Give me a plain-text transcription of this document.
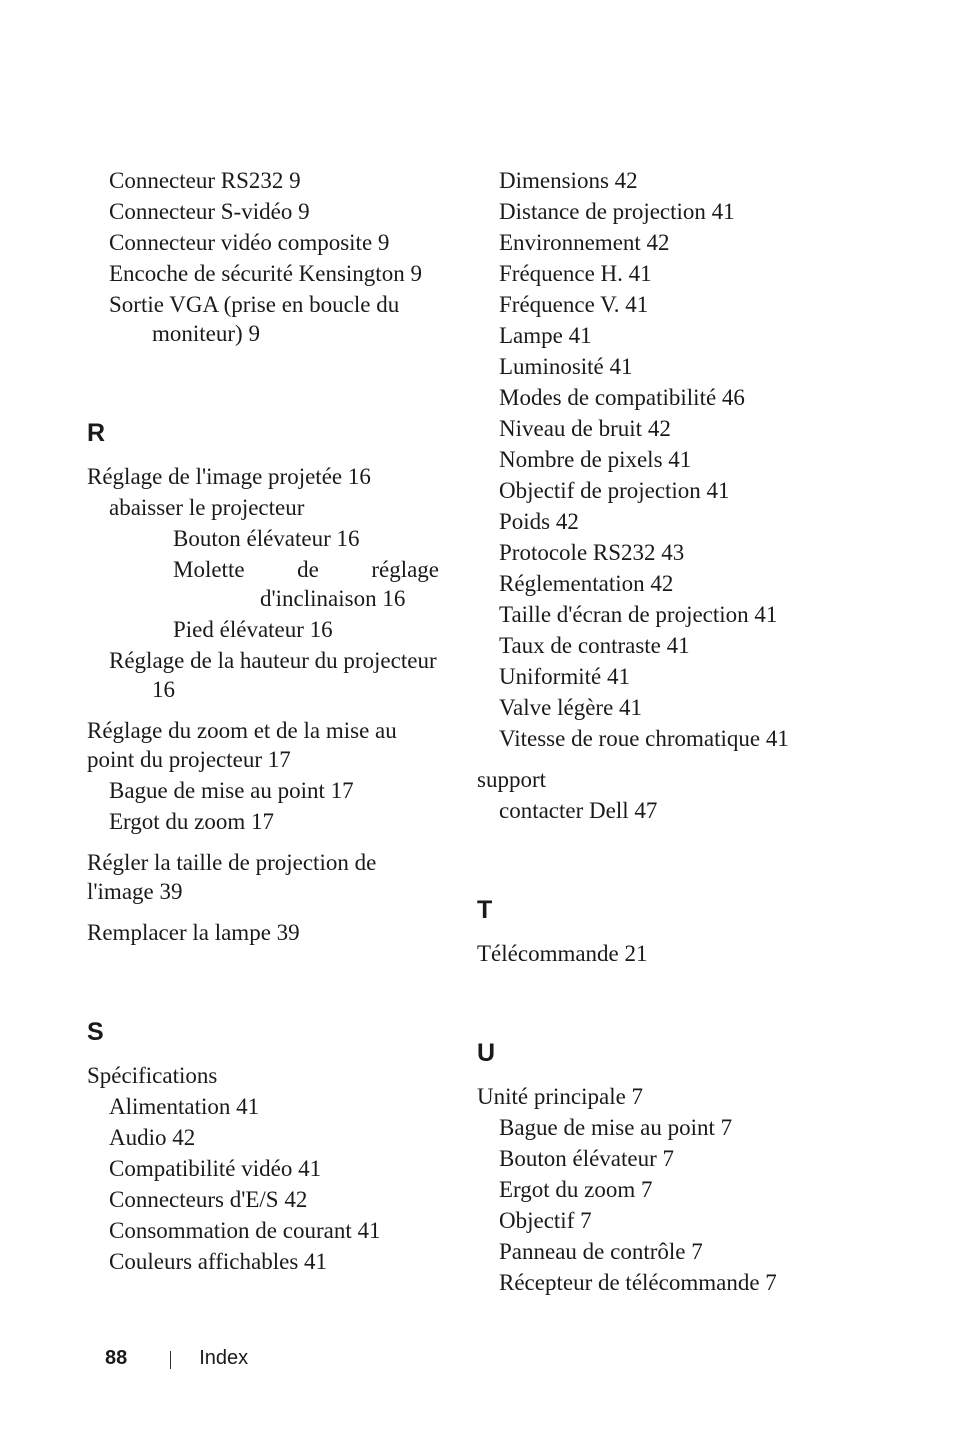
Connecteur RS232 9
Connecteur S-vidéo 9
Connecteur vidéo composite 9
Encoche de sécurité Kensington 9
Sortie VGA (prise en boucle du moniteur) 9
R
Réglage de l'image projetée 16
abaisser le projecteur
Bouton élévateur 16
Molette de réglage d'inclinaison 16
Pied élévateur 16
Réglage de la hauteur du projecteur 16
Réglage du zoom et de la mise au point du projecteur 17
Bague de mise au point 17
Ergot du zoom 17
Régler la taille de projection de l'image 39
Remplacer la lampe 39
S
Spécifications
Alimentation 41
Audio 42
Compatibilité vidéo 41
Connecteurs d'E/S 42
Consommation de courant 41
Couleurs affichables 41
Dimensions 42
Distance de projection 41
Environnement 42
Fréquence H. 41
Fréquence V. 41
Lampe 41
Luminosité 41
Modes de compatibilité 46
Niveau de bruit 42
Nombre de pixels 41
Objectif de projection 41
Poids 42
Protocole RS232 43
Réglementation 42
Taille d'écran de projection 41
Taux de contraste 41
Uniformité 41
Valve légère 41
Vitesse de roue chromatique 41
support
contacter Dell 47
T
Télécommande 21
U
Unité principale 7
Bague de mise au point 7
Bouton élévateur 7
Ergot du zoom 7
Objectif 7
Panneau de contrôle 7
Récepteur de télécommande 7
88	Index
